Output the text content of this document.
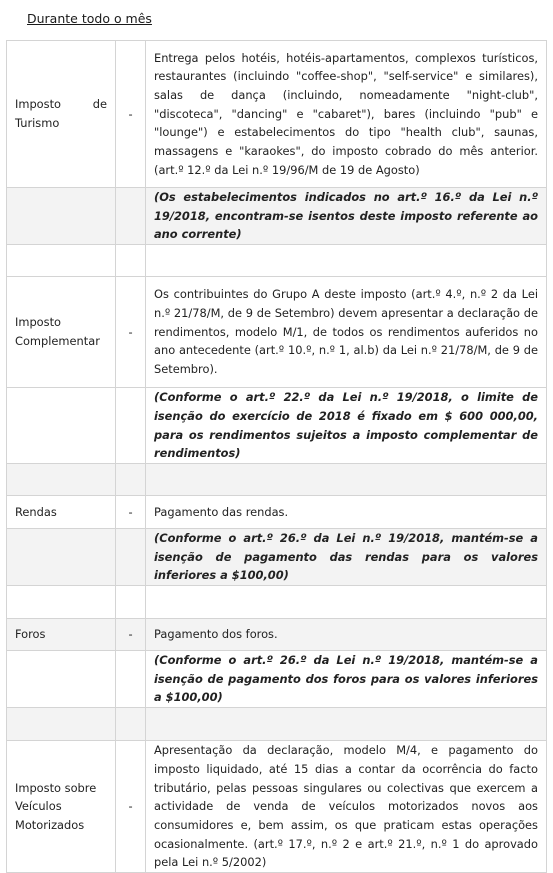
Durante todo o mês
Imposto de Turismo	-	Entrega pelos hotéis, hotéis-apartamentos, complexos turísticos, restaurantes (incluindo "coffee-shop", "self-service" e similares), salas de dança (incluindo, nomeadamente "night-club", "discoteca", "dancing" e "cabaret"), bares (incluindo "pub" e "lounge") e estabelecimentos do tipo "health club", saunas, massagens e "karaokes", do imposto cobrado do mês anterior. (art.º 12.º da Lei n.º 19/96/M de 19 de Agosto)
		(Os estabelecimentos indicados no art.º 16.º da Lei n.º 19/2018, encontram-se isentos deste imposto referente ao ano corrente)

Imposto Complementar	-	Os contribuintes do Grupo A deste imposto (art.º 4.º, n.º 2 da Lei n.º 21/78/M, de 9 de Setembro) devem apresentar a declaração de rendimentos, modelo M/1, de todos os rendimentos auferidos no ano antecedente (art.º 10.º, n.º 1, al.b) da Lei n.º 21/78/M, de 9 de Setembro).
		(Conforme o art.º 22.º da Lei n.º 19/2018, o limite de isenção do exercício de 2018 é fixado em $ 600 000,00, para os rendimentos sujeitos a imposto complementar de rendimentos)

Rendas	-	Pagamento das rendas.
		(Conforme o art.º 26.º da Lei n.º 19/2018, mantém-se a isenção de pagamento das rendas para os valores inferiores a $100,00)

Foros	-	Pagamento dos foros.
		(Conforme o art.º 26.º da Lei n.º 19/2018, mantém-se a isenção de pagamento dos foros para os valores inferiores a $100,00)

Imposto sobre Veículos Motorizados	-	Apresentação da declaração, modelo M/4, e pagamento do imposto liquidado, até 15 dias a contar da ocorrência do facto tributário, pelas pessoas singulares ou colectivas que exercem a actividade de venda de veículos motorizados novos aos consumidores e, bem assim, os que praticam estas operações ocasionalmente. (art.º 17.º, n.º 2 e art.º 21.º, n.º 1 do aprovado pela Lei n.º 5/2002)
